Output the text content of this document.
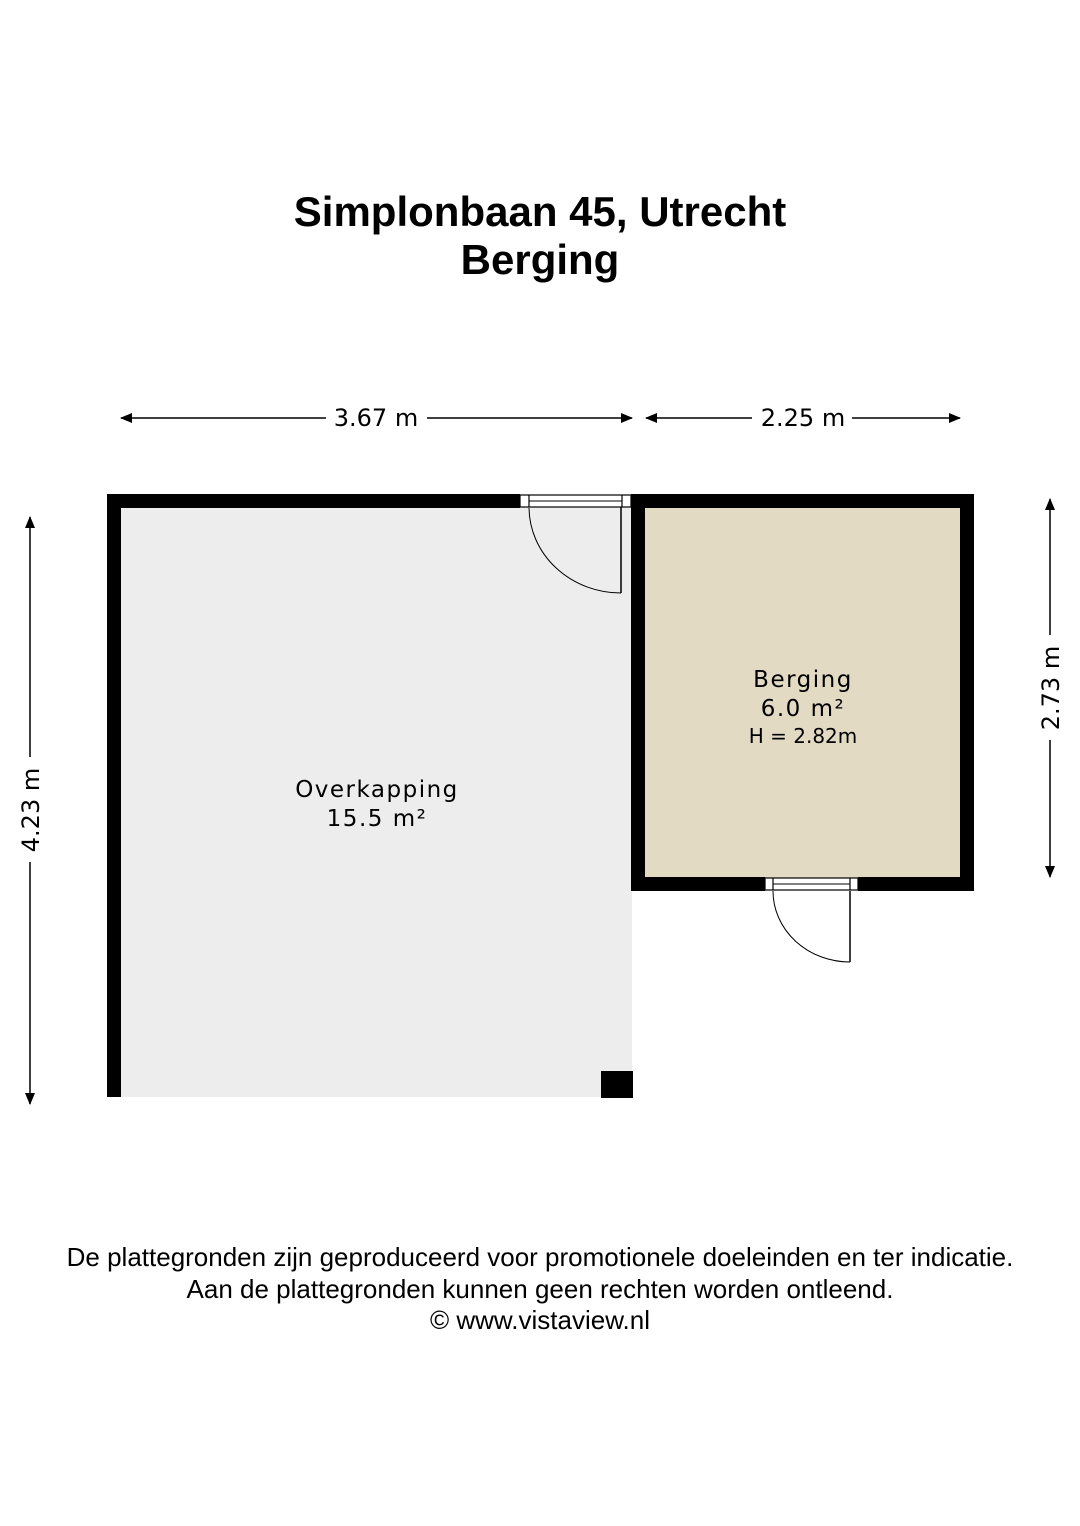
Simplonbaan 45, Utrecht
Berging
3.67 m	2.25 m
4.23 m
2.73 m
Overkapping
15.5 m²
Berging
6.0 m²
H = 2.82m
De plattegronden zijn geproduceerd voor promotionele doeleinden en ter indicatie.
Aan de plattegronden kunnen geen rechten worden ontleend.
© www.vistaview.nl
